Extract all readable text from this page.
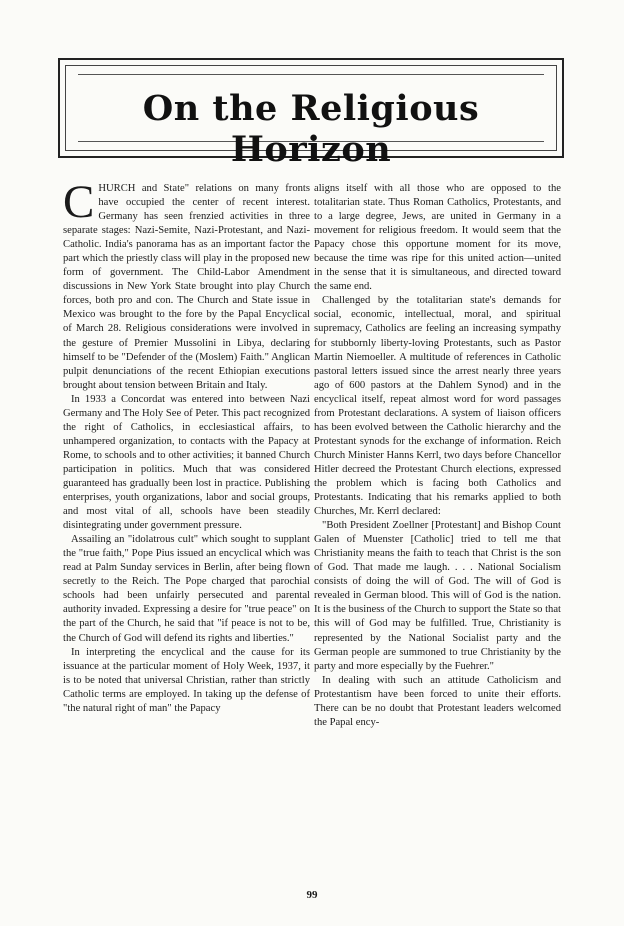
On the Religious Horizon

CHURCH and State" relations on many fronts have occupied the center of recent interest. Germany has seen frenzied activities in three separate stages: Nazi-Semite, Nazi-Protestant, and Nazi-Catholic. India's panorama has as an important factor the part which the priestly class will play in the proposed new form of government. The Child-Labor Amendment discussions in New York State brought into play Church forces, both pro and con. The Church and State issue in Mexico was brought to the fore by the Papal Encyclical of March 28. Religious considerations were involved in the gesture of Premier Mussolini in Libya, declaring himself to be "Defender of the (Moslem) Faith." Anglican pulpit denunciations of the recent Ethiopian executions brought about tension between Britain and Italy.

In 1933 a Concordat was entered into between Nazi Germany and The Holy See of Peter. This pact recognized the right of Catholics, in ecclesiastical affairs, to unhampered organization, to contacts with the Papacy at Rome, to schools and to other activities; it banned Church participation in politics. Much that was considered guaranteed has gradually been lost in practice. Publishing enterprises, youth organizations, labor and social groups, and most vital of all, schools have been steadily disintegrating under government pressure.

Assailing an "idolatrous cult" which sought to supplant the "true faith," Pope Pius issued an encyclical which was read at Palm Sunday services in Berlin, after being flown secretly to the Reich. The Pope charged that parochial schools had been unfairly persecuted and parental authority invaded. Expressing a desire for "true peace" on the part of the Church, he said that "if peace is not to be, the Church of God will defend its rights and liberties."

In interpreting the encyclical and the cause for its issuance at the particular moment of Holy Week, 1937, it is to be noted that universal Christian, rather than strictly Catholic terms are employed. In taking up the defense of "the natural right of man" the Papacy

aligns itself with all those who are opposed to the totalitarian state. Thus Roman Catholics, Protestants, and to a large degree, Jews, are united in Germany in a movement for religious freedom. It would seem that the Papacy chose this opportune moment for its move, because the time was ripe for this united action—united in the sense that it is simultaneous, and directed toward the same end.

Challenged by the totalitarian state's demands for social, economic, intellectual, moral, and spiritual supremacy, Catholics are feeling an increasing sympathy for stubbornly liberty-loving Protestants, such as Pastor Martin Niemoeller. A multitude of references in Catholic pastoral letters issued since the arrest nearly three years ago of 600 pastors at the Dahlem Synod) and in the encyclical itself, repeat almost word for word passages from Protestant declarations. A system of liaison officers has been evolved between the Catholic hierarchy and the Protestant synods for the exchange of information. Reich Church Minister Hanns Kerrl, two days before Chancellor Hitler decreed the Protestant Church elections, expressed the problem which is facing both Catholics and Protestants. Indicating that his remarks applied to both Churches, Mr. Kerrl declared:

"Both President Zoellner [Protestant] and Bishop Count Galen of Muenster [Catholic] tried to tell me that Christianity means the faith to teach that Christ is the son of God. That made me laugh. . . . National Socialism consists of doing the will of God. The will of God is revealed in German blood. This will of God is the nation. It is the business of the Church to support the State so that this will of God may be fulfilled. True, Christianity is represented by the National Socialist party and the German people are summoned to true Christianity by the party and more especially by the Fuehrer."

In dealing with such an attitude Catholicism and Protestantism have been forced to unite their efforts. There can be no doubt that Protestant leaders welcomed the Papal ency-

99
